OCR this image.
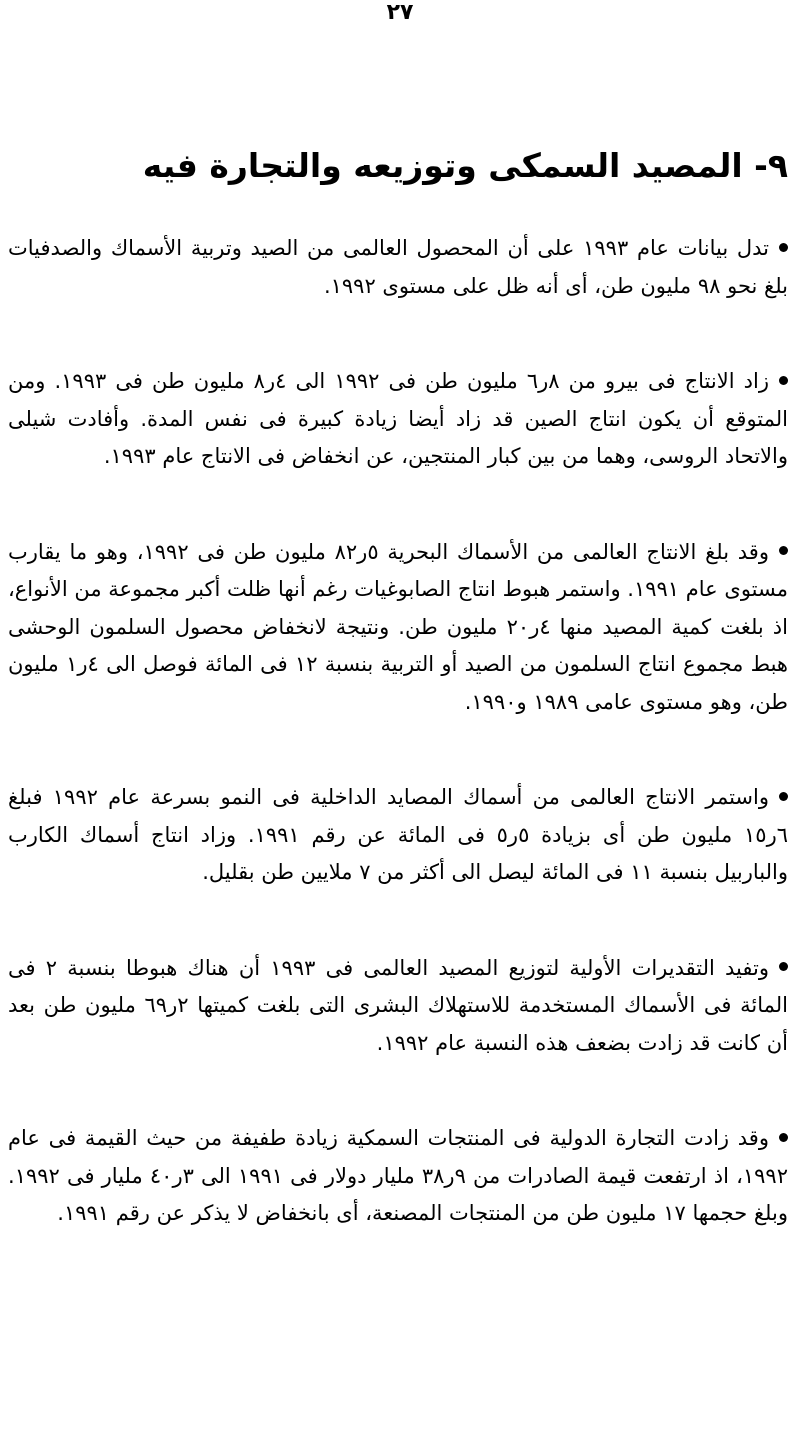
٢٧
٩- المصيد السمكى وتوزيعه والتجارة فيه

تدل بيانات عام ١٩٩٣ على أن المحصول العالمى من الصيد وتربية الأسماك والصدفيات بلغ نحو ٩٨ مليون طن، أى أنه ظل على مستوى ١٩٩٢.

زاد الانتاج فى بيرو من ٨ر٦ مليون طن فى ١٩٩٢ الى ٤ر٨ مليون طن فى ١٩٩٣. ومن المتوقع أن يكون انتاج الصين قد زاد أيضا زيادة كبيرة فى نفس المدة. وأفادت شيلى والاتحاد الروسى، وهما من بين كبار المنتجين، عن انخفاض فى الانتاج عام ١٩٩٣.

وقد بلغ الانتاج العالمى من الأسماك البحرية ٥ر٨٢ مليون طن فى ١٩٩٢، وهو ما يقارب مستوى عام ١٩٩١. واستمر هبوط انتاج الصابوغيات رغم أنها ظلت أكبر مجموعة من الأنواع، اذ بلغت كمية المصيد منها ٤ر٢٠ مليون طن. ونتيجة لانخفاض محصول السلمون الوحشى هبط مجموع انتاج السلمون من الصيد أو التربية بنسبة ١٢ فى المائة فوصل الى ٤ر١ مليون طن، وهو مستوى عامى ١٩٨٩ و١٩٩٠.

واستمر الانتاج العالمى من أسماك المصايد الداخلية فى النمو بسرعة عام ١٩٩٢ فبلغ ٦ر١٥ مليون طن أى بزيادة ٥ر٥ فى المائة عن رقم ١٩٩١. وزاد انتاج أسماك الكارب والباربيل بنسبة ١١ فى المائة ليصل الى أكثر من ٧ ملايين طن بقليل.

وتفيد التقديرات الأولية لتوزيع المصيد العالمى فى ١٩٩٣ أن هناك هبوطا بنسبة ٢ فى المائة فى الأسماك المستخدمة للاستهلاك البشرى التى بلغت كميتها ٢ر٦٩ مليون طن بعد أن كانت قد زادت بضعف هذه النسبة عام ١٩٩٢.

وقد زادت التجارة الدولية فى المنتجات السمكية زيادة طفيفة من حيث القيمة فى عام ١٩٩٢، اذ ارتفعت قيمة الصادرات من ٩ر٣٨ مليار دولار فى ١٩٩١ الى ٣ر٤٠ مليار فى ١٩٩٢. وبلغ حجمها ١٧ مليون طن من المنتجات المصنعة، أى بانخفاض لا يذكر عن رقم ١٩٩١.
